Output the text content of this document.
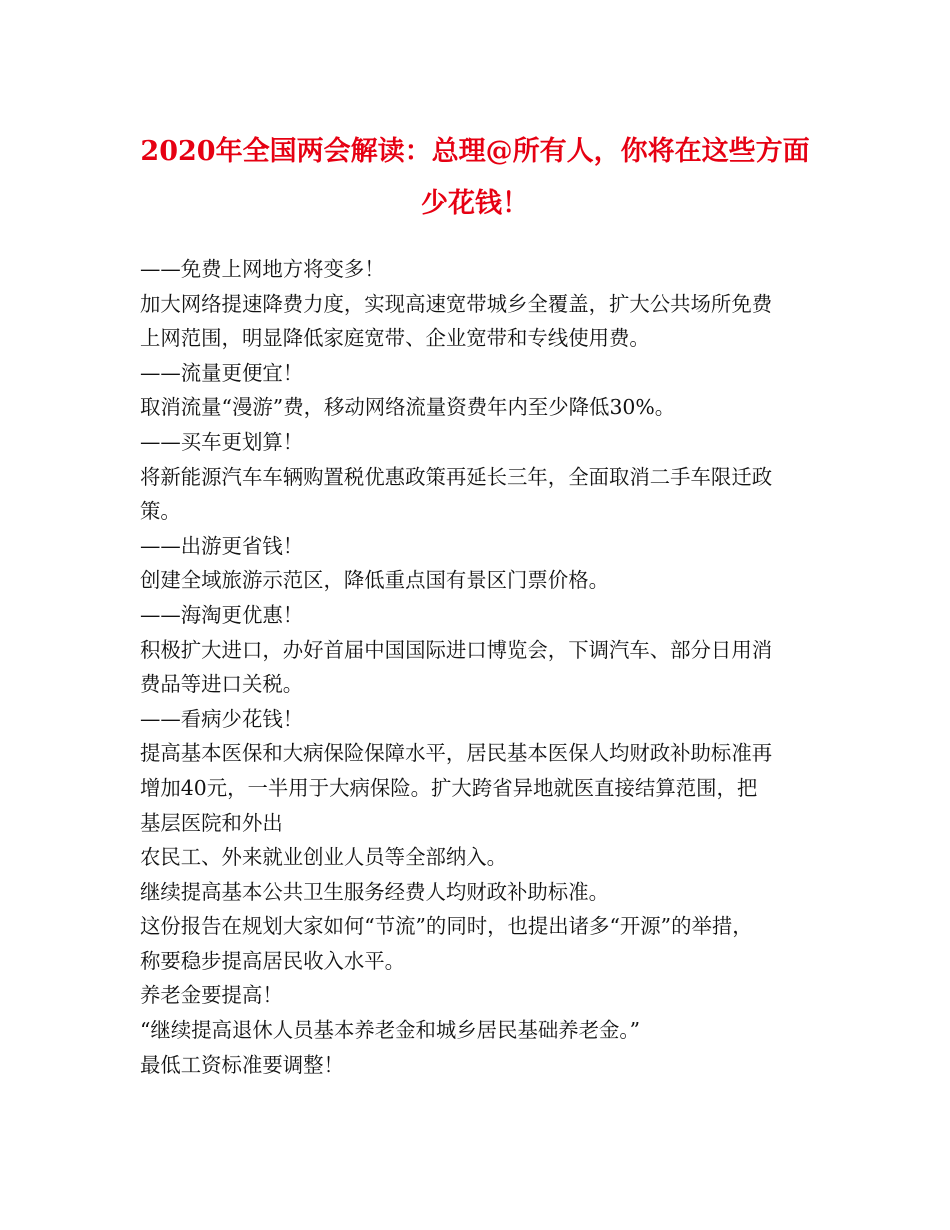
2020年全国两会解读：总理@所有人，你将在这些方面
少花钱！
——免费上网地方将变多！
加大网络提速降费力度，实现高速宽带城乡全覆盖，扩大公共场所免费
上网范围，明显降低家庭宽带、企业宽带和专线使用费。
——流量更便宜！
取消流量“漫游”费，移动网络流量资费年内至少降低30%。
——买车更划算！
将新能源汽车车辆购置税优惠政策再延长三年，全面取消二手车限迁政
策。
——出游更省钱！
创建全域旅游示范区，降低重点国有景区门票价格。
——海淘更优惠！
积极扩大进口，办好首届中国国际进口博览会，下调汽车、部分日用消
费品等进口关税。
——看病少花钱！
提高基本医保和大病保险保障水平，居民基本医保人均财政补助标准再
增加40元，一半用于大病保险。扩大跨省异地就医直接结算范围，把
基层医院和外出
农民工、外来就业创业人员等全部纳入。
继续提高基本公共卫生服务经费人均财政补助标准。
这份报告在规划大家如何“节流”的同时，也提出诸多“开源”的举措，
称要稳步提高居民收入水平。
养老金要提高！
“继续提高退休人员基本养老金和城乡居民基础养老金。”
最低工资标准要调整！
